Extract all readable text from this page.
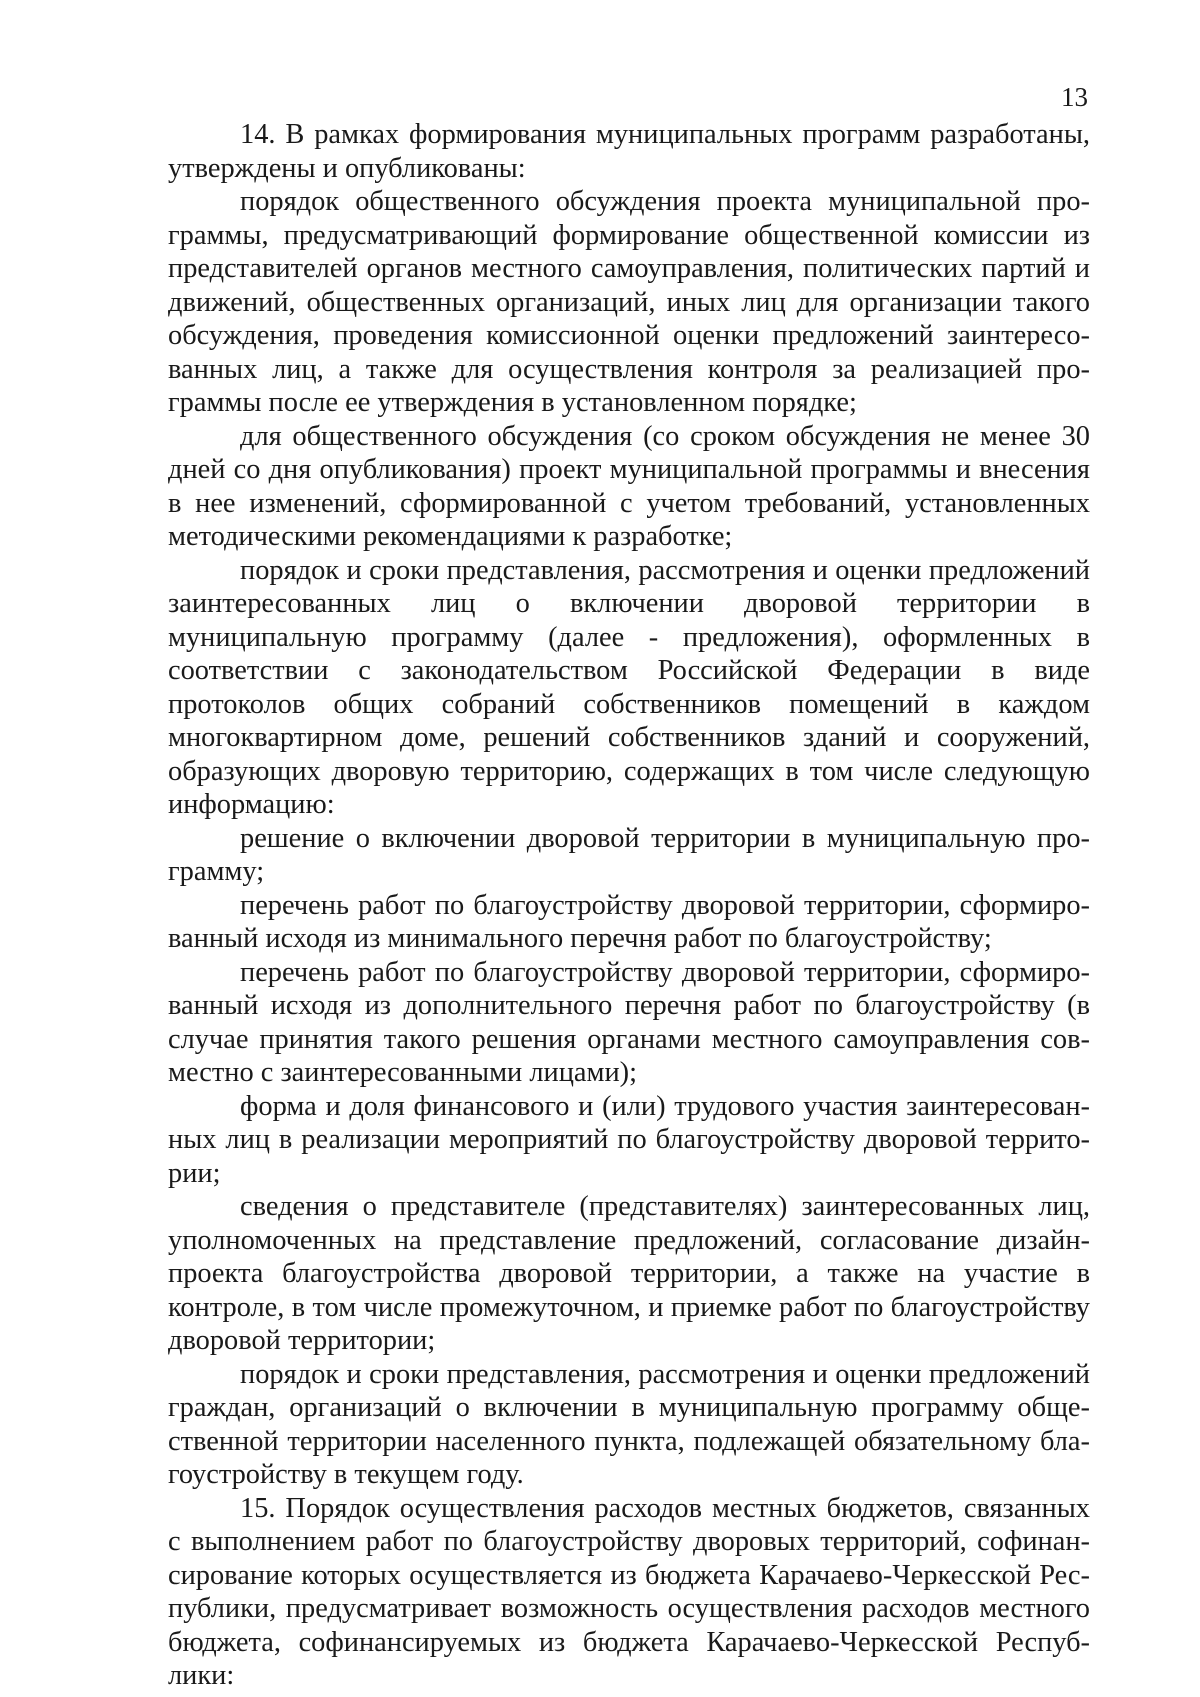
13

14. В рамках формирования муниципальных программ разработаны, утверждены и опубликованы:

порядок общественного обсуждения проекта муниципальной программы, предусматривающий формирование общественной комиссии из представителей органов местного самоуправления, политических партий и движений, общественных организаций, иных лиц для организации такого обсуждения, проведения комиссионной оценки предложений заинтересованных лиц, а также для осуществления контроля за реализацией программы после ее утверждения в установленном порядке;

для общественного обсуждения (со сроком обсуждения не менее 30 дней со дня опубликования) проект муниципальной программы и внесения в нее изменений, сформированной с учетом требований, установленных методическими рекомендациями к разработке;

порядок и сроки представления, рассмотрения и оценки предложений заинтересованных лиц о включении дворовой территории в муниципальную программу (далее - предложения), оформленных в соответствии с законодательством Российской Федерации в виде протоколов общих собраний собственников помещений в каждом многоквартирном доме, решений собственников зданий и сооружений, образующих дворовую территорию, содержащих в том числе следующую информацию:

решение о включении дворовой территории в муниципальную программу;

перечень работ по благоустройству дворовой территории, сформированный исходя из минимального перечня работ по благоустройству;

перечень работ по благоустройству дворовой территории, сформированный исходя из дополнительного перечня работ по благоустройству (в случае принятия такого решения органами местного самоуправления совместно с заинтересованными лицами);

форма и доля финансового и (или) трудового участия заинтересованных лиц в реализации мероприятий по благоустройству дворовой территории;

сведения о представителе (представителях) заинтересованных лиц, уполномоченных на представление предложений, согласование дизайн-проекта благоустройства дворовой территории, а также на участие в контроле, в том числе промежуточном, и приемке работ по благоустройству дворовой территории;

порядок и сроки представления, рассмотрения и оценки предложений граждан, организаций о включении в муниципальную программу общественной территории населенного пункта, подлежащей обязательному благоустройству в текущем году.

15. Порядок осуществления расходов местных бюджетов, связанных с выполнением работ по благоустройству дворовых территорий, софинансирование которых осуществляется из бюджета Карачаево-Черкесской Республики, предусматривает возможность осуществления расходов местного бюджета, софинансируемых из бюджета Карачаево-Черкесской Республики:
